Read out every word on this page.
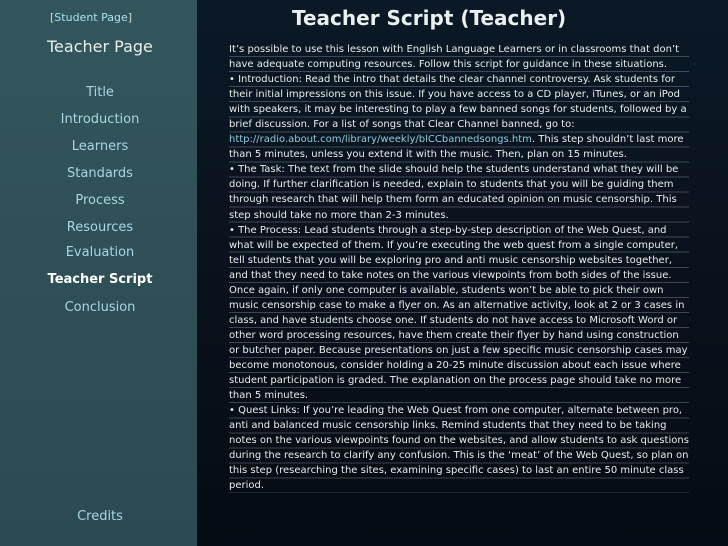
[Student Page]
Teacher Page
Title
Introduction
Learners
Standards
Process
Resources
Evaluation
Teacher Script
Conclusion
Credits
Teacher Script (Teacher)

It’s possible to use this lesson with English Language Learners or in classrooms that don’t have adequate computing resources. Follow this script for guidance in these situations.

• Introduction: Read the intro that details the clear channel controversy. Ask students for their initial impressions on this issue. If you have access to a CD player, iTunes, or an iPod with speakers, it may be interesting to play a few banned songs for students, followed by a brief discussion. For a list of songs that Clear Channel banned, go to: http://radio.about.com/library/weekly/blCCbannedsongs.htm. This step shouldn’t last more than 5 minutes, unless you extend it with the music. Then, plan on 15 minutes.

• The Task: The text from the slide should help the students understand what they will be doing. If further clarification is needed, explain to students that you will be guiding them through research that will help them form an educated opinion on music censorship. This step should take no more than 2-3 minutes.

• The Process: Lead students through a step-by-step description of the Web Quest, and what will be expected of them. If you’re executing the web quest from a single computer, tell students that you will be exploring pro and anti music censorship websites together, and that they need to take notes on the various viewpoints from both sides of the issue. Once again, if only one computer is available, students won’t be able to pick their own music censorship case to make a flyer on. As an alternative activity, look at 2 or 3 cases in class, and have students choose one. If students do not have access to Microsoft Word or other word processing resources, have them create their flyer by hand using construction or butcher paper. Because presentations on just a few specific music censorship cases may become monotonous, consider holding a 20-25 minute discussion about each issue where student participation is graded. The explanation on the process page should take no more than 5 minutes.

• Quest Links: If you’re leading the Web Quest from one computer, alternate between pro, anti and balanced music censorship links. Remind students that they need to be taking notes on the various viewpoints found on the websites, and allow students to ask questions during the research to clarify any confusion. This is the ‘meat’ of the Web Quest, so plan on this step (researching the sites, examining specific cases) to last an entire 50 minute class period.
